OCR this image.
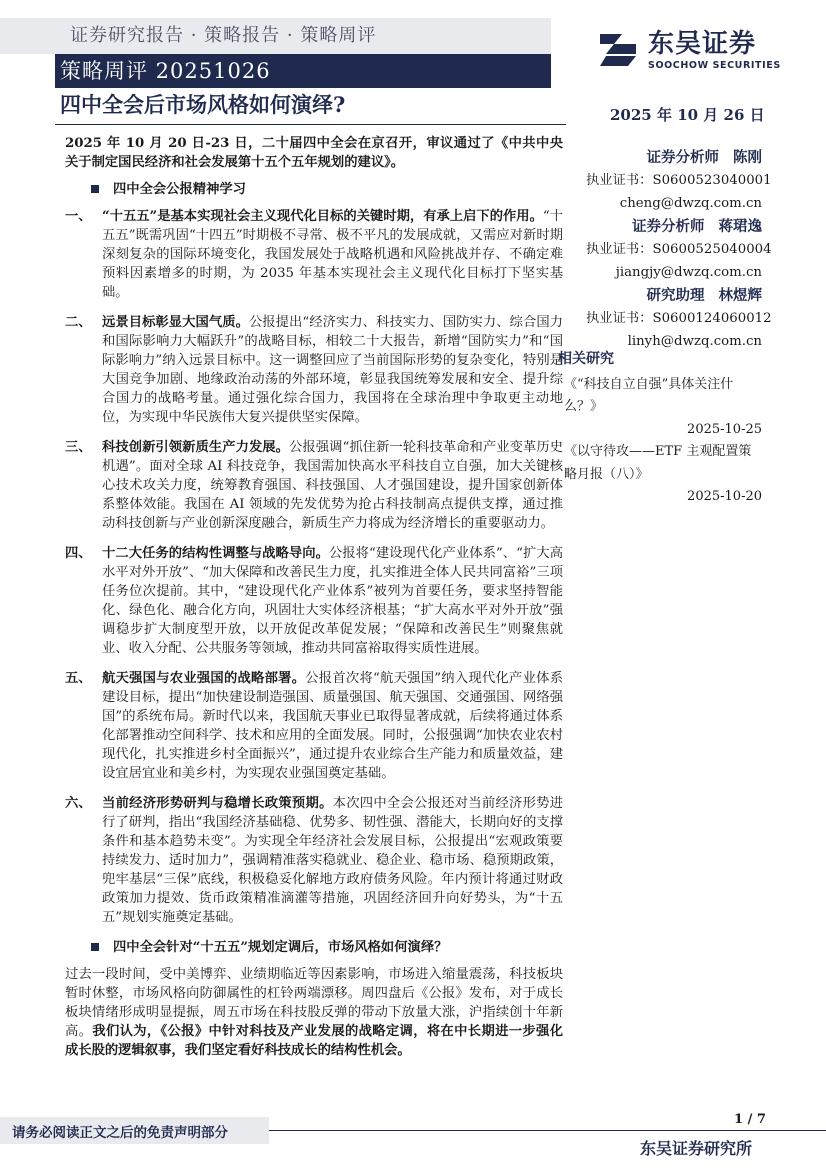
证券研究报告 · 策略报告 · 策略周评
策略周评 20251026
东吴证券
SOOCHOW SECURITIES
四中全会后市场风格如何演绎?	2025 年 10 月 26 日

2025 年 10 月 20 日-23 日，二十届四中全会在京召开，审议通过了《中共中央关于制定国民经济和社会发展第十五个五年规划的建议》。

四中全会公报精神学习

一、 “十五五”是基本实现社会主义现代化目标的关键时期，有承上启下的作用。“十五五”既需巩固“十四五”时期极不寻常、极不平凡的发展成就，又需应对新时期深刻复杂的国际环境变化，我国发展处于战略机遇和风险挑战并存、不确定难预料因素增多的时期，为 2035 年基本实现社会主义现代化目标打下坚实基础。
二、 远景目标彰显大国气质。公报提出“经济实力、科技实力、国防实力、综合国力和国际影响力大幅跃升”的战略目标，相较二十大报告，新增“国防实力”和“国际影响力”纳入远景目标中。这一调整回应了当前国际形势的复杂变化，特别是大国竞争加剧、地缘政治动荡的外部环境，彰显我国统筹发展和安全、提升综合国力的战略考量。通过强化综合国力，我国将在全球治理中争取更主动地位，为实现中华民族伟大复兴提供坚实保障。
三、 科技创新引领新质生产力发展。公报强调“抓住新一轮科技革命和产业变革历史机遇”。面对全球 AI 科技竞争，我国需加快高水平科技自立自强，加大关键核心技术攻关力度，统筹教育强国、科技强国、人才强国建设，提升国家创新体系整体效能。我国在 AI 领域的先发优势为抢占科技制高点提供支撑，通过推动科技创新与产业创新深度融合，新质生产力将成为经济增长的重要驱动力。
四、 十二大任务的结构性调整与战略导向。公报将“建设现代化产业体系”、“扩大高水平对外开放”、“加大保障和改善民生力度，扎实推进全体人民共同富裕”三项任务位次提前。其中，“建设现代化产业体系”被列为首要任务，要求坚持智能化、绿色化、融合化方向，巩固壮大实体经济根基；“扩大高水平对外开放”强调稳步扩大制度型开放，以开放促改革促发展；“保障和改善民生”则聚焦就业、收入分配、公共服务等领域，推动共同富裕取得实质性进展。
五、 航天强国与农业强国的战略部署。公报首次将“航天强国”纳入现代化产业体系建设目标，提出“加快建设制造强国、质量强国、航天强国、交通强国、网络强国”的系统布局。新时代以来，我国航天事业已取得显著成就，后续将通过体系化部署推动空间科学、技术和应用的全面发展。同时，公报强调“加快农业农村现代化，扎实推进乡村全面振兴”，通过提升农业综合生产能力和质量效益，建设宜居宜业和美乡村，为实现农业强国奠定基础。
六、 当前经济形势研判与稳增长政策预期。本次四中全会公报还对当前经济形势进行了研判，指出“我国经济基础稳、优势多、韧性强、潜能大，长期向好的支撑条件和基本趋势未变”。为实现全年经济社会发展目标，公报提出“宏观政策要持续发力、适时加力”，强调精准落实稳就业、稳企业、稳市场、稳预期政策，兜牢基层“三保”底线，积极稳妥化解地方政府债务风险。年内预计将通过财政政策加力提效、货币政策精准滴灌等措施，巩固经济回升向好势头，为“十五五”规划实施奠定基础。

四中全会针对“十五五”规划定调后，市场风格如何演绎？

过去一段时间，受中美博弈、业绩期临近等因素影响，市场进入缩量震荡，科技板块暂时休整，市场风格向防御属性的杠铃两端漂移。周四盘后《公报》发布，对于成长板块情绪形成明显提振，周五市场在科技股反弹的带动下放量大涨，沪指续创十年新高。我们认为，《公报》中针对科技及产业发展的战略定调，将在中长期进一步强化成长股的逻辑叙事，我们坚定看好科技成长的结构性机会。

证券分析师 陈刚
执业证书：S0600523040001
cheng@dwzq.com.cn
证券分析师 蒋珺逸
执业证书：S0600525040004
jiangjy@dwzq.com.cn
研究助理 林煜辉
执业证书：S0600124060012
linyh@dwzq.com.cn
相关研究
《“科技自立自强”具体关注什么？》
2025-10-25
《以守待攻——ETF 主观配置策略月报（八）》
2025-10-20
1 / 7
请务必阅读正文之后的免责声明部分
东吴证券研究所
